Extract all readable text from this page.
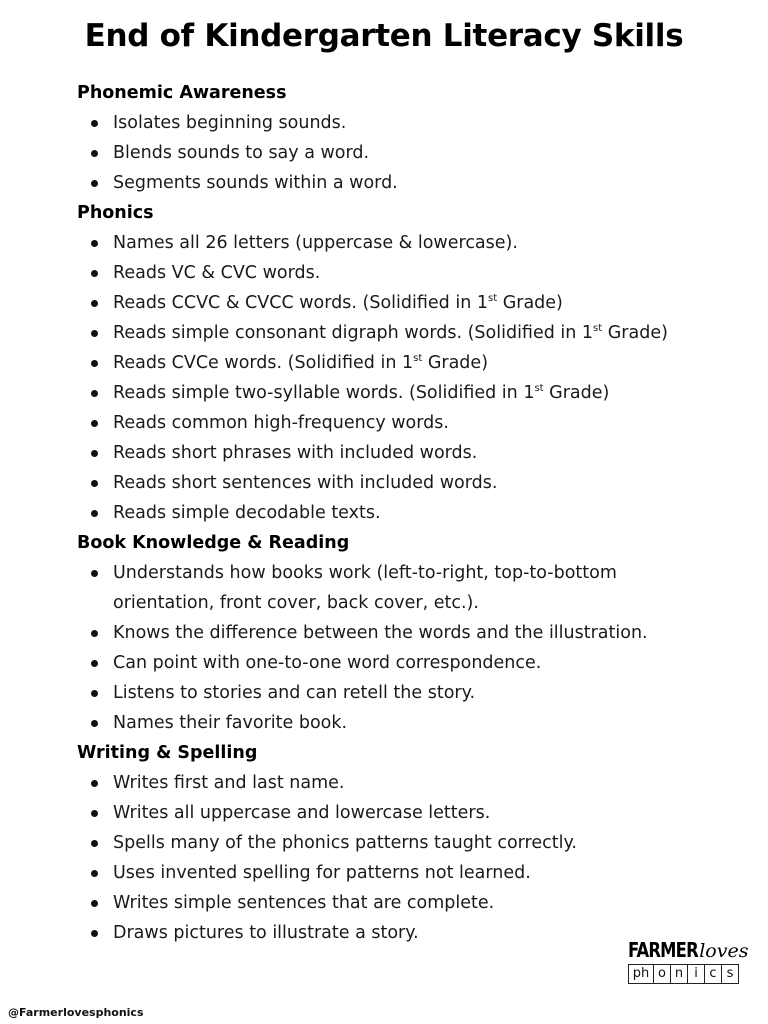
End of Kindergarten Literacy Skills
Phonemic Awareness
Isolates beginning sounds.
Blends sounds to say a word.
Segments sounds within a word.
Phonics
Names all 26 letters (uppercase & lowercase).
Reads VC & CVC words.
Reads CCVC & CVCC words. (Solidified in 1st Grade)
Reads simple consonant digraph words. (Solidified in 1st Grade)
Reads CVCe words. (Solidified in 1st Grade)
Reads simple two-syllable words. (Solidified in 1st Grade)
Reads common high-frequency words.
Reads short phrases with included words.
Reads short sentences with included words.
Reads simple decodable texts.
Book Knowledge & Reading
Understands how books work (left-to-right, top-to-bottom
orientation, front cover, back cover, etc.).
Knows the difference between the words and the illustration.
Can point with one-to-one word correspondence.
Listens to stories and can retell the story.
Names their favorite book.
Writing & Spelling
Writes first and last name.
Writes all uppercase and lowercase letters.
Spells many of the phonics patterns taught correctly.
Uses invented spelling for patterns not learned.
Writes simple sentences that are complete.
Draws pictures to illustrate a story.
FARMER loves
ph o n i c s
@Farmerlovesphonics
